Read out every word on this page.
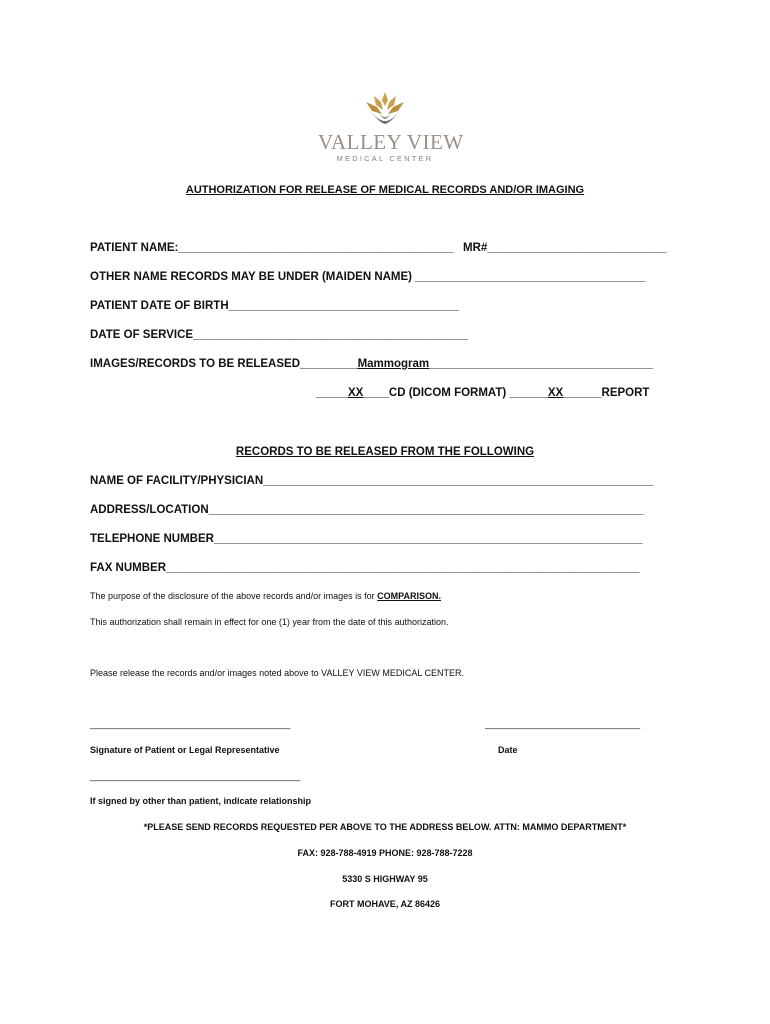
VALLEY VIEW
MEDICAL CENTER
AUTHORIZATION FOR RELEASE OF MEDICAL RECORDS AND/OR IMAGING
PATIENT NAME:___________________________________________ MR#____________________________
OTHER NAME RECORDS MAY BE UNDER (MAIDEN NAME) ____________________________________
PATIENT DATE OF BIRTH____________________________________
DATE OF SERVICE___________________________________________
IMAGES/RECORDS TO BE RELEASED_________Mammogram___________________________________
_____XX____CD (DICOM FORMAT) ______XX______REPORT
RECORDS TO BE RELEASED FROM THE FOLLOWING
NAME OF FACILITY/PHYSICIAN_____________________________________________________________
ADDRESS/LOCATION____________________________________________________________________
TELEPHONE NUMBER___________________________________________________________________
FAX NUMBER__________________________________________________________________________
The purpose of the disclosure of the above records and/or images is for COMPARISON.
This authorization shall remain in effect for one (1) year from the date of this authorization.
Please release the records and/or images noted above to VALLEY VIEW MEDICAL CENTER.
________________________________________	_______________________________
Signature of Patient or Legal Representative	Date
__________________________________________
If signed by other than patient, indicate relationship
*PLEASE SEND RECORDS REQUESTED PER ABOVE TO THE ADDRESS BELOW. ATTN: MAMMO DEPARTMENT*
FAX: 928-788-4919 PHONE: 928-788-7228
5330 S HIGHWAY 95
FORT MOHAVE, AZ 86426
